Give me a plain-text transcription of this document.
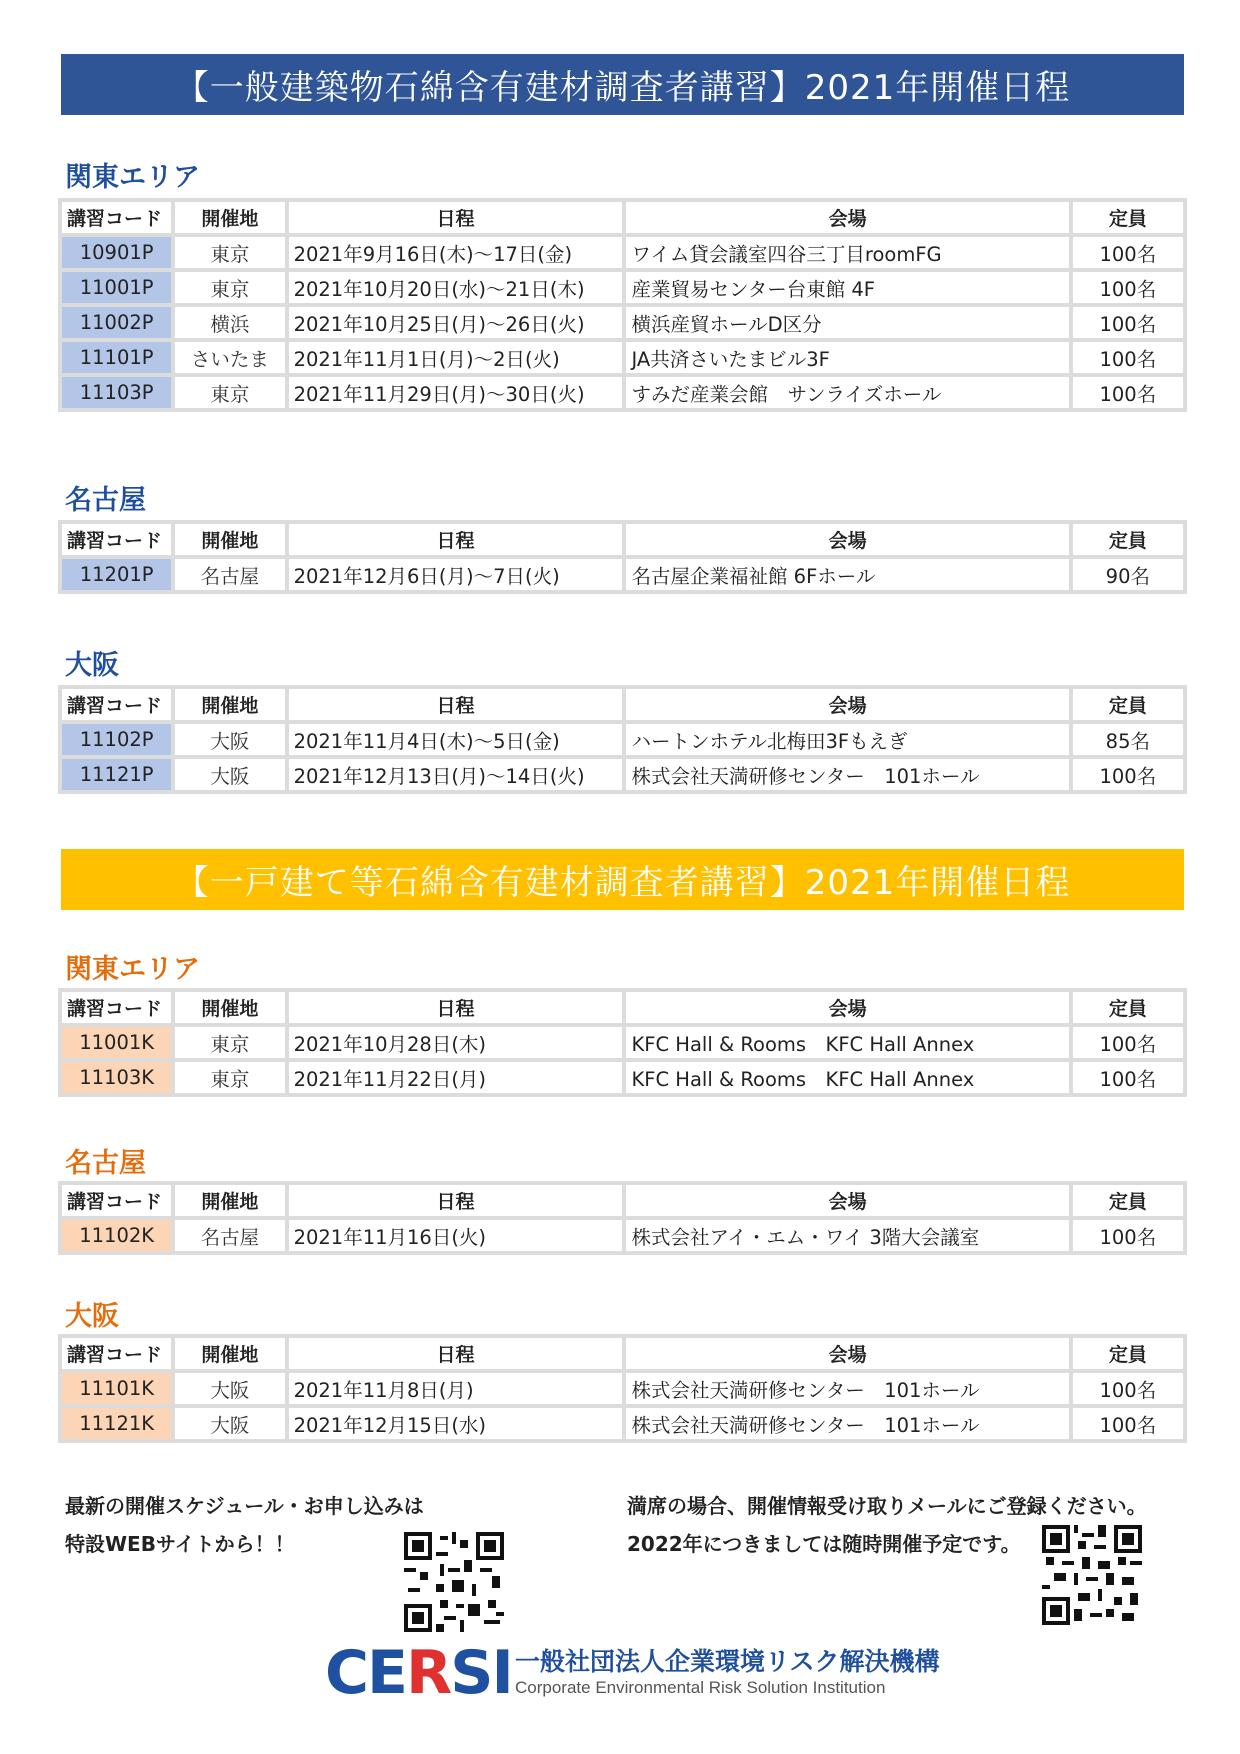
【一般建築物石綿含有建材調査者講習】2021年開催日程
関東エリア
講習コード	開催地	日程	会場	定員
10901P	東京	2021年9月16日(木)〜17日(金)	ワイム貸会議室四谷三丁目roomFG	100名
11001P	東京	2021年10月20日(水)〜21日(木)	産業貿易センター台東館 4F	100名
11002P	横浜	2021年10月25日(月)〜26日(火)	横浜産貿ホールD区分	100名
11101P	さいたま	2021年11月1日(月)〜2日(火)	JA共済さいたまビル3F	100名
11103P	東京	2021年11月29日(月)〜30日(火)	すみだ産業会館　サンライズホール	100名
名古屋
講習コード	開催地	日程	会場	定員
11201P	名古屋	2021年12月6日(月)〜7日(火)	名古屋企業福祉館 6Fホール	90名
大阪
講習コード	開催地	日程	会場	定員
11102P	大阪	2021年11月4日(木)〜5日(金)	ハートンホテル北梅田3Fもえぎ	85名
11121P	大阪	2021年12月13日(月)〜14日(火)	株式会社天満研修センター　101ホール	100名
【一戸建て等石綿含有建材調査者講習】2021年開催日程
関東エリア
講習コード	開催地	日程	会場	定員
11001K	東京	2021年10月28日(木)	KFC Hall & Rooms　KFC Hall Annex	100名
11103K	東京	2021年11月22日(月)	KFC Hall & Rooms　KFC Hall Annex	100名
名古屋
講習コード	開催地	日程	会場	定員
11102K	名古屋	2021年11月16日(火)	株式会社アイ・エム・ワイ 3階大会議室	100名
大阪
講習コード	開催地	日程	会場	定員
11101K	大阪	2021年11月8日(月)	株式会社天満研修センター　101ホール	100名
11121K	大阪	2021年12月15日(水)	株式会社天満研修センター　101ホール	100名
最新の開催スケジュール・お申し込みは
特設WEBサイトから！！
満席の場合、開催情報受け取りメールにご登録ください。
2022年につきましては随時開催予定です。
CERSI 一般社団法人企業環境リスク解決機構
Corporate Environmental Risk Solution Institution
